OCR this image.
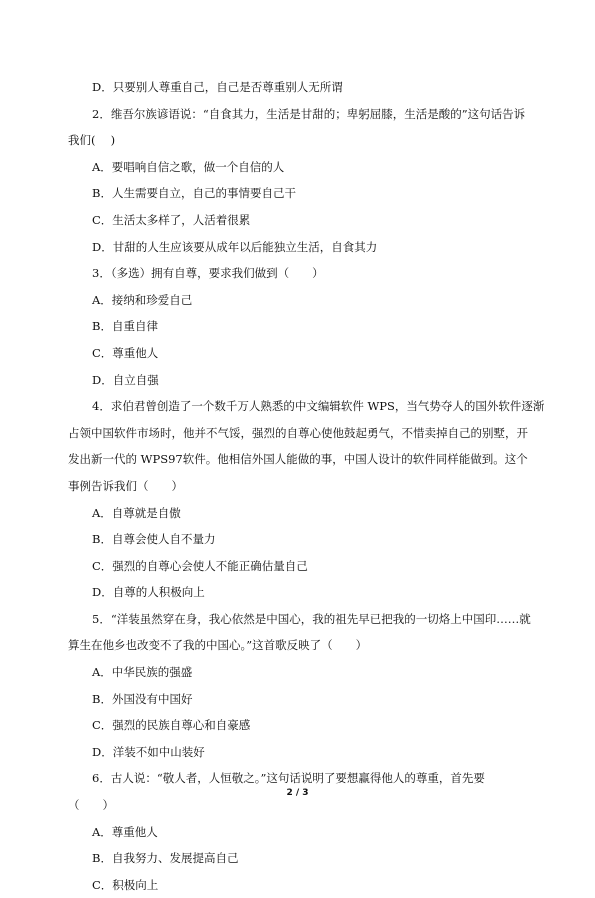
D．只要别人尊重自己，自己是否尊重别人无所谓
2．维吾尔族谚语说：“自食其力，生活是甘甜的；卑躬屈膝，生活是酸的”这句话告诉
我们(　 )
A．要唱响自信之歌，做一个自信的人
B．人生需要自立，自己的事情要自己干
C．生活太多样了，人活着很累
D．甘甜的人生应该要从成年以后能独立生活，自食其力
3．（多选）拥有自尊，要求我们做到（　　）
A．接纳和珍爱自己
B．自重自律
C．尊重他人
D．自立自强
4．求伯君曾创造了一个数千万人熟悉的中文编辑软件 WPS，当气势夺人的国外软件逐渐
占领中国软件市场时，他并不气馁，强烈的自尊心使他鼓起勇气，不惜卖掉自己的别墅，开
发出新一代的 WPS97软件。他相信外国人能做的事，中国人设计的软件同样能做到。这个
事例告诉我们（　　）
A．自尊就是自傲
B．自尊会使人自不量力
C．强烈的自尊心会使人不能正确估量自己
D．自尊的人积极向上
5．“洋装虽然穿在身，我心依然是中国心，我的祖先早已把我的一切烙上中国印……就
算生在他乡也改变不了我的中国心。”这首歌反映了（　　）
A．中华民族的强盛
B．外国没有中国好
C．强烈的民族自尊心和自豪感
D．洋装不如中山装好
6．古人说：“敬人者，人恒敬之。”这句话说明了要想赢得他人的尊重，首先要
（　　）
A．尊重他人
B．自我努力、发展提高自己
C．积极向上
2 / 3
